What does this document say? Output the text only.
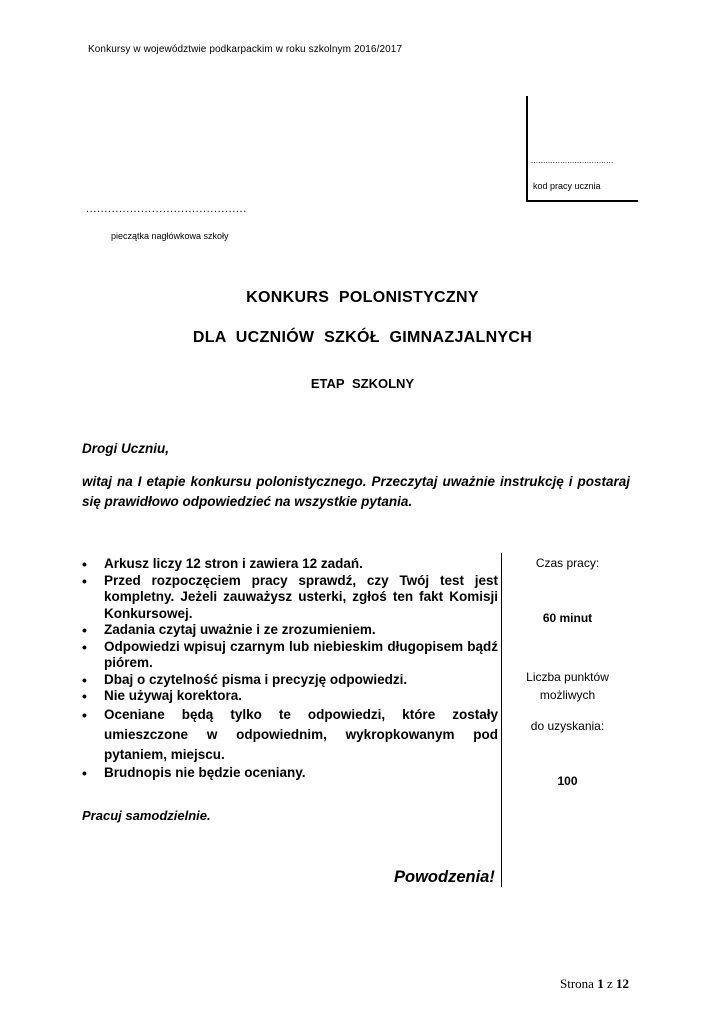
Konkursy w województwie podkarpackim w roku szkolnym 2016/2017
..................................
kod pracy ucznia
............................................
pieczątka nagłówkowa szkoły
KONKURS POLONISTYCZNY
DLA UCZNIÓW SZKÓŁ GIMNAZJALNYCH
ETAP SZKOLNY
Drogi Uczniu,
witaj na I etapie konkursu polonistycznego. Przeczytaj uważnie instrukcję i postaraj się prawidłowo odpowiedzieć na wszystkie pytania.
• Arkusz liczy 12 stron i zawiera 12 zadań.
• Przed rozpoczęciem pracy sprawdź, czy Twój test jest kompletny. Jeżeli zauważysz usterki, zgłoś ten fakt Komisji Konkursowej.
• Zadania czytaj uważnie i ze zrozumieniem.
• Odpowiedzi wpisuj czarnym lub niebieskim długopisem bądź piórem.
• Dbaj o czytelność pisma i precyzję odpowiedzi.
• Nie używaj korektora.
• Oceniane będą tylko te odpowiedzi, które zostały umieszczone w odpowiednim, wykropkowanym pod pytaniem, miejscu.
• Brudnopis nie będzie oceniany.
Czas pracy:
60 minut
Liczba punktów
możliwych
do uzyskania:
100
Pracuj samodzielnie.
Powodzenia!
Strona 1 z 12
